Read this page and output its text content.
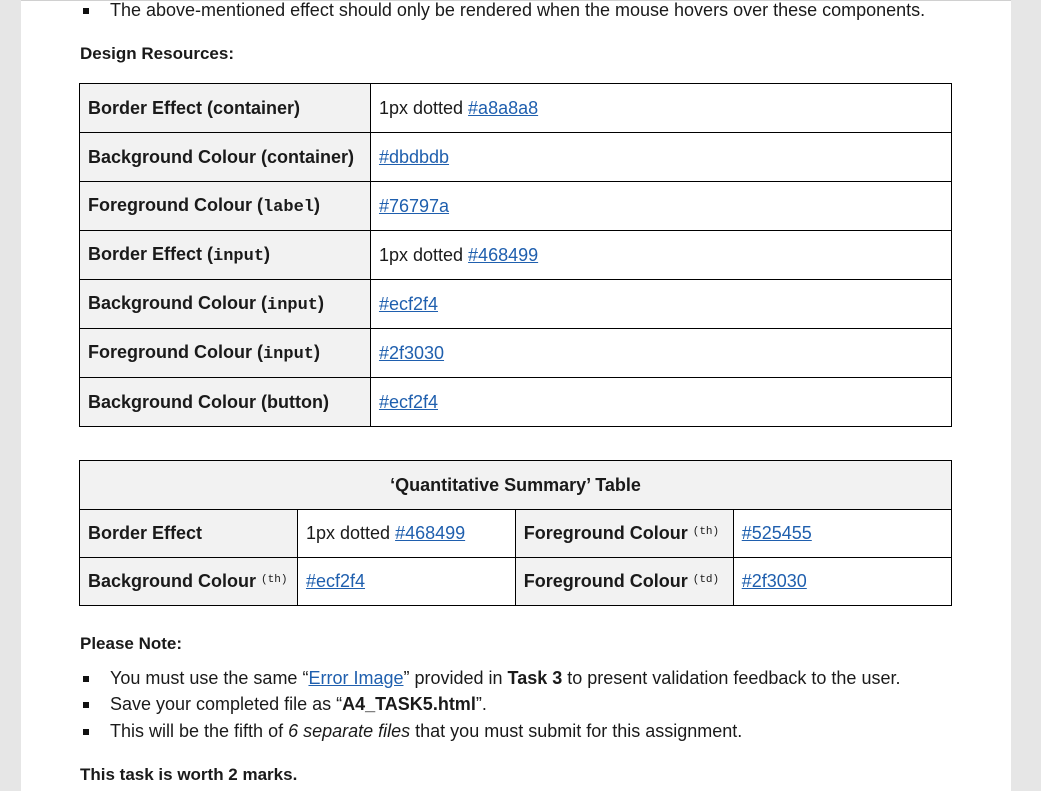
The above-mentioned effect should only be rendered when the mouse hovers over these components.
Design Resources:
Border Effect (container)	1px dotted #a8a8a8
Background Colour (container)	#dbdbdb
Foreground Colour (label)	#76797a
Border Effect (input)	1px dotted #468499
Background Colour (input)	#ecf2f4
Foreground Colour (input)	#2f3030
Background Colour (button)	#ecf2f4
‘Quantitative Summary’ Table			
Border Effect	1px dotted #468499	Foreground Colour $^{(th)}$	#525455
Background Colour $^{(th)}$	#ecf2f4	Foreground Colour $^{(td)}$	#2f3030
Please Note:
You must use the same “Error Image” provided in Task 3 to present validation feedback to the user.
Save your completed file as “A4_TASK5.html”.
This will be the fifth of 6 separate files that you must submit for this assignment.
This task is worth 2 marks.
